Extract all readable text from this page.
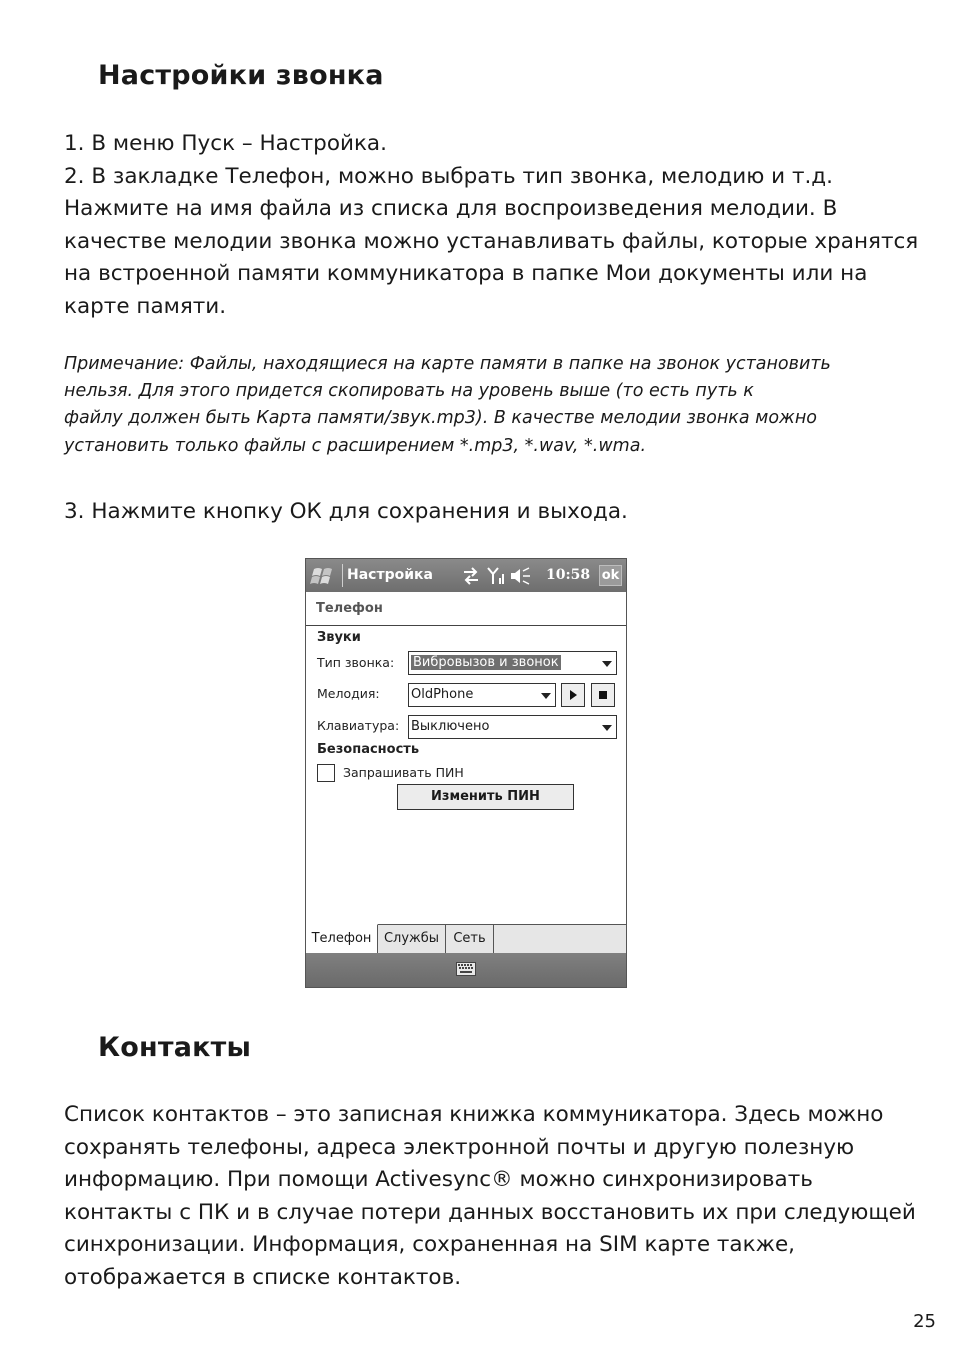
Настройки звонка
1. В меню Пуск – Настройка.
2. В закладке Телефон, можно выбрать тип звонка, мелодию и т.д.
Нажмите на имя файла из списка для воспроизведения мелодии. В
качестве мелодии звонка можно устанавливать файлы, которые хранятся
на встроенной памяти коммуникатора в папке Мои документы или на
карте памяти.
Примечание: Файлы, находящиеся на карте памяти в папке на звонок установить
нельзя. Для этого придется скопировать на уровень выше (то есть путь к
файлу должен быть Карта памяти/звук.mp3). В качестве мелодии звонка можно
установить только файлы с расширением *.mp3, *.wav, *.wma.
3. Нажмите кнопку ОК для сохранения и выхода.
Настройка	10:58 ok
Телефон
Звуки
Тип звонка:	Вибровызов и звонок
Мелодия: OldPhone
Клавиатура: Выключено
Безопасность
Запрашивать ПИН
Изменить ПИН
Телефон Службы	Сеть
Контакты
Список контактов – это записная книжка коммуникатора. Здесь можно
сохранять телефоны, адреса электронной почты и другую полезную
информацию. При помощи Activesync® можно синхронизировать
контакты с ПК и в случае потери данных восстановить их при следующей
синхронизации. Информация, сохраненная на SIM карте также,
отображается в списке контактов.
25
